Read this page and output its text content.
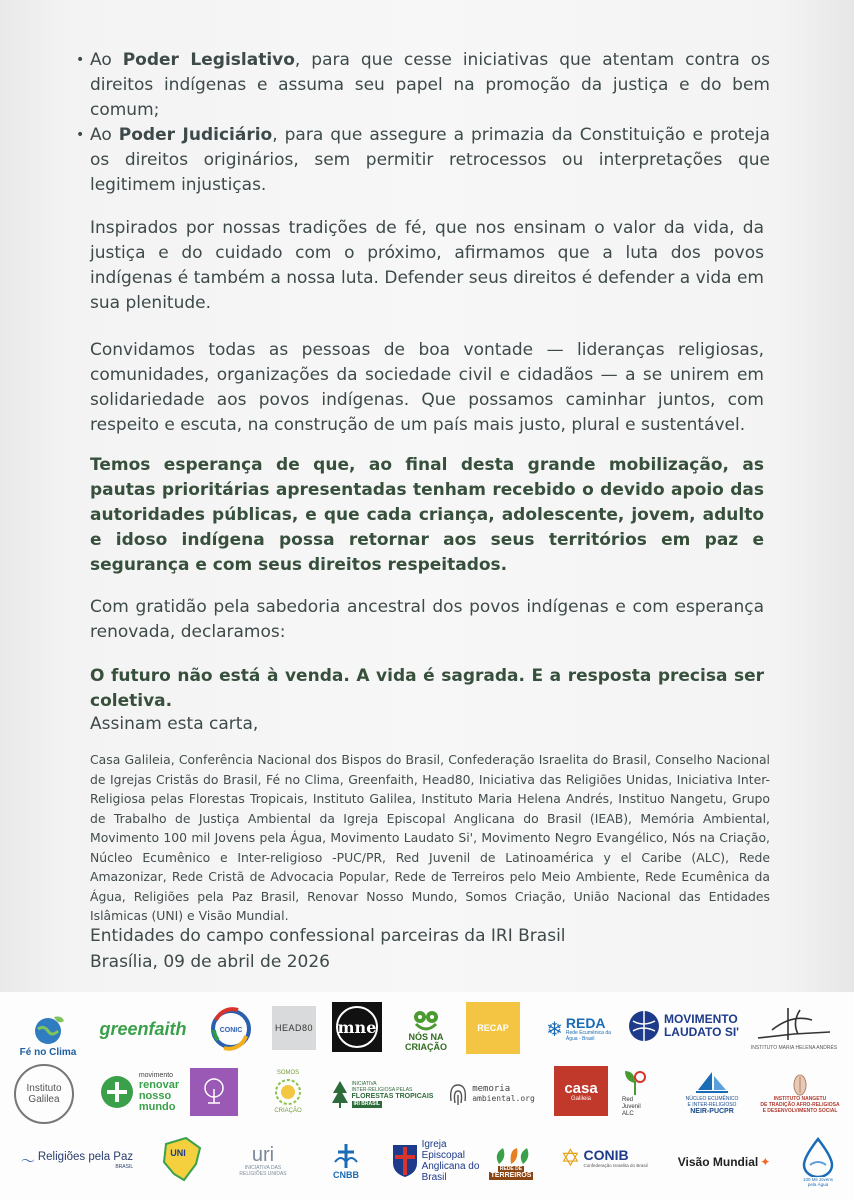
• Ao Poder Legislativo, para que cesse iniciativas que atentam contra os direitos indígenas e assuma seu papel na promoção da justiça e do bem comum;
• Ao Poder Judiciário, para que assegure a primazia da Constituição e proteja os direitos originários, sem permitir retrocessos ou interpretações que legitimem injustiças.

Inspirados por nossas tradições de fé, que nos ensinam o valor da vida, da justiça e do cuidado com o próximo, afirmamos que a luta dos povos indígenas é também a nossa luta. Defender seus direitos é defender a vida em sua plenitude.

Convidamos todas as pessoas de boa vontade — lideranças religiosas, comunidades, organizações da sociedade civil e cidadãos — a se unirem em solidariedade aos povos indígenas. Que possamos caminhar juntos, com respeito e escuta, na construção de um país mais justo, plural e sustentável.

Temos esperança de que, ao final desta grande mobilização, as pautas prioritárias apresentadas tenham recebido o devido apoio das autoridades públicas, e que cada criança, adolescente, jovem, adulto e idoso indígena possa retornar aos seus territórios em paz e segurança e com seus direitos respeitados.

Com gratidão pela sabedoria ancestral dos povos indígenas e com esperança renovada, declaramos:

O futuro não está à venda. A vida é sagrada. E a resposta precisa ser coletiva.

Assinam esta carta,

Casa Galileia, Conferência Nacional dos Bispos do Brasil, Confederação Israelita do Brasil, Conselho Nacional de Igrejas Cristãs do Brasil, Fé no Clima, Greenfaith, Head80, Iniciativa das Religiões Unidas, Iniciativa Inter-Religiosa pelas Florestas Tropicais, Instituto Galilea, Instituto Maria Helena Andrés, Instituo Nangetu, Grupo de Trabalho de Justiça Ambiental da Igreja Episcopal Anglicana do Brasil (IEAB), Memória Ambiental, Movimento 100 mil Jovens pela Água, Movimento Laudato Si', Movimento Negro Evangélico, Nós na Criação, Núcleo Ecumênico e Inter-religioso -PUC/PR, Red Juvenil de Latinoamérica y el Caribe (ALC), Rede Amazonizar, Rede Cristã de Advocacia Popular, Rede de Terreiros pelo Meio Ambiente, Rede Ecumênica da Água, Religiões pela Paz Brasil, Renovar Nosso Mundo, Somos Criação, União Nacional das Entidades Islâmicas (UNI) e Visão Mundial.

Entidades do campo confessional parceiras da IRI Brasil

Brasília, 09 de abril de 2026

Fé no Clima
greenfaith	CONIC	HEAD80 mne
NÓS NA
CRIAÇÃO
RECAP ❄ REDA
Rede Ecumênica da Água - Brasil
MOVIMENTO
LAUDATO SI'
INSTITUTO MARIA HELENA ANDRÉS
Instituto
Galilea
movimento
renovar
nosso
mundo
SOMOS
CRIAÇÃO
INICIATIVA
INTER-RELIGIOSA PELAS
FLORESTAS TROPICAIS
IRI BRASIL
memoria
ambiental.org
casa
Galileia	Red
Juvenil
ALC
NÚCLEO ECUMÊNICO
E INTER-RELIGIOSO
NEIR-PUCPR
INSTITUTO NANGETU
DE TRADIÇÃO AFRO-RELIGIOSA
E DESENVOLVIMENTO SOCIAL
〜 Religiões pela Paz
BRASIL
UNI	uri
INICIATIVA DAS
RELIGIÕES UNIDAS	CNBB
Igreja
Episcopal
Anglicana do
Brasil
REDE DE
TERREIROS
✡ CONIB
Confederação Israelita do Brasil	Visão Mundial ✦
100 Mil Jovens
pela Água
